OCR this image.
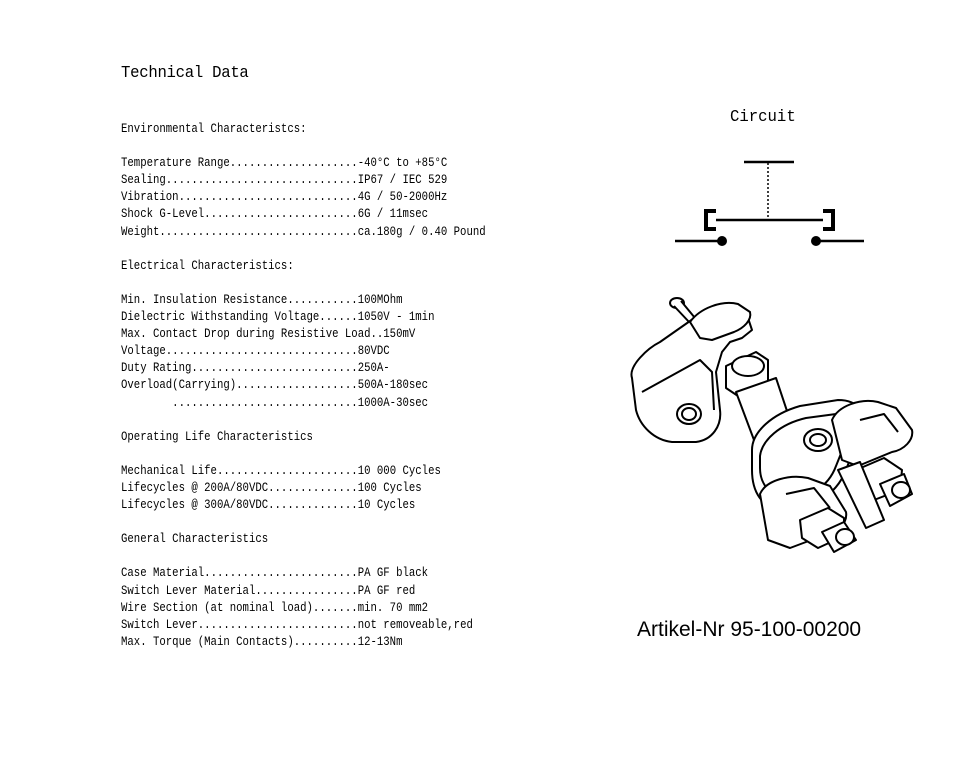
Technical Data
Environmental Characteristcs:
Temperature Range....................-40°C to +85°C
Sealing..............................IP67 / IEC 529
Vibration............................4G / 50-2000Hz
Shock G-Level........................6G / 11msec
Weight...............................ca.180g / 0.40 Pound
Electrical Characteristics:
Min. Insulation Resistance...........100MOhm
Dielectric Withstanding Voltage......1050V - 1min
Max. Contact Drop during Resistive Load..150mV
Voltage..............................80VDC
Duty Rating..........................250A-
Overload(Carrying)...................500A-180sec
.............................1000A-30sec
Operating Life Characteristics
Mechanical Life......................10 000 Cycles
Lifecycles @ 200A/80VDC..............100 Cycles
Lifecycles @ 300A/80VDC..............10 Cycles
General Characteristics
Case Material........................PA GF black
Switch Lever Material................PA GF red
Wire Section (at nominal load).......min. 70 mm2
Switch Lever.........................not removeable,red
Max. Torque (Main Contacts)..........12-13Nm
Circuit
Artikel-Nr 95-100-00200
